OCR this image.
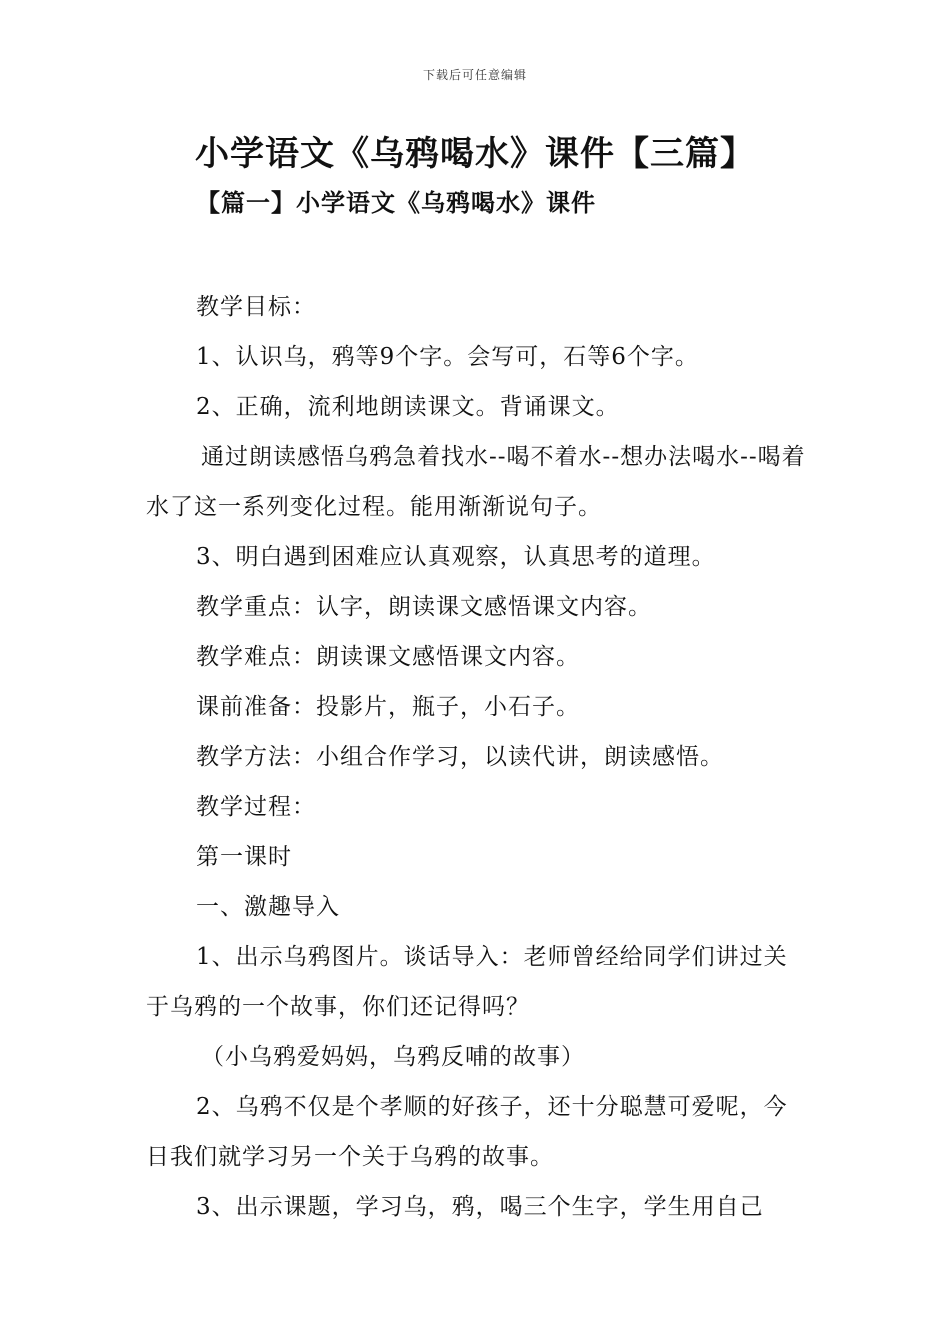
下载后可任意编辑
小学语文《乌鸦喝水》课件【三篇】
【篇一】小学语文《乌鸦喝水》课件

教学目标：

1、认识乌，鸦等9个字。会写可，石等6个字。

2、正确，流利地朗读课文。背诵课文。

通过朗读感悟乌鸦急着找水--喝不着水--想办法喝水--喝着水了这一系列变化过程。能用渐渐说句子。

3、明白遇到困难应认真观察，认真思考的道理。

教学重点：认字，朗读课文感悟课文内容。

教学难点：朗读课文感悟课文内容。

课前准备：投影片，瓶子，小石子。

教学方法：小组合作学习，以读代讲，朗读感悟。

教学过程：

第一课时

一、激趣导入

1、出示乌鸦图片。谈话导入：老师曾经给同学们讲过关于乌鸦的一个故事，你们还记得吗？

（小乌鸦爱妈妈，乌鸦反哺的故事）

2、乌鸦不仅是个孝顺的好孩子，还十分聪慧可爱呢，今日我们就学习另一个关于乌鸦的故事。

3、出示课题，学习乌，鸦，喝三个生字，学生用自己
